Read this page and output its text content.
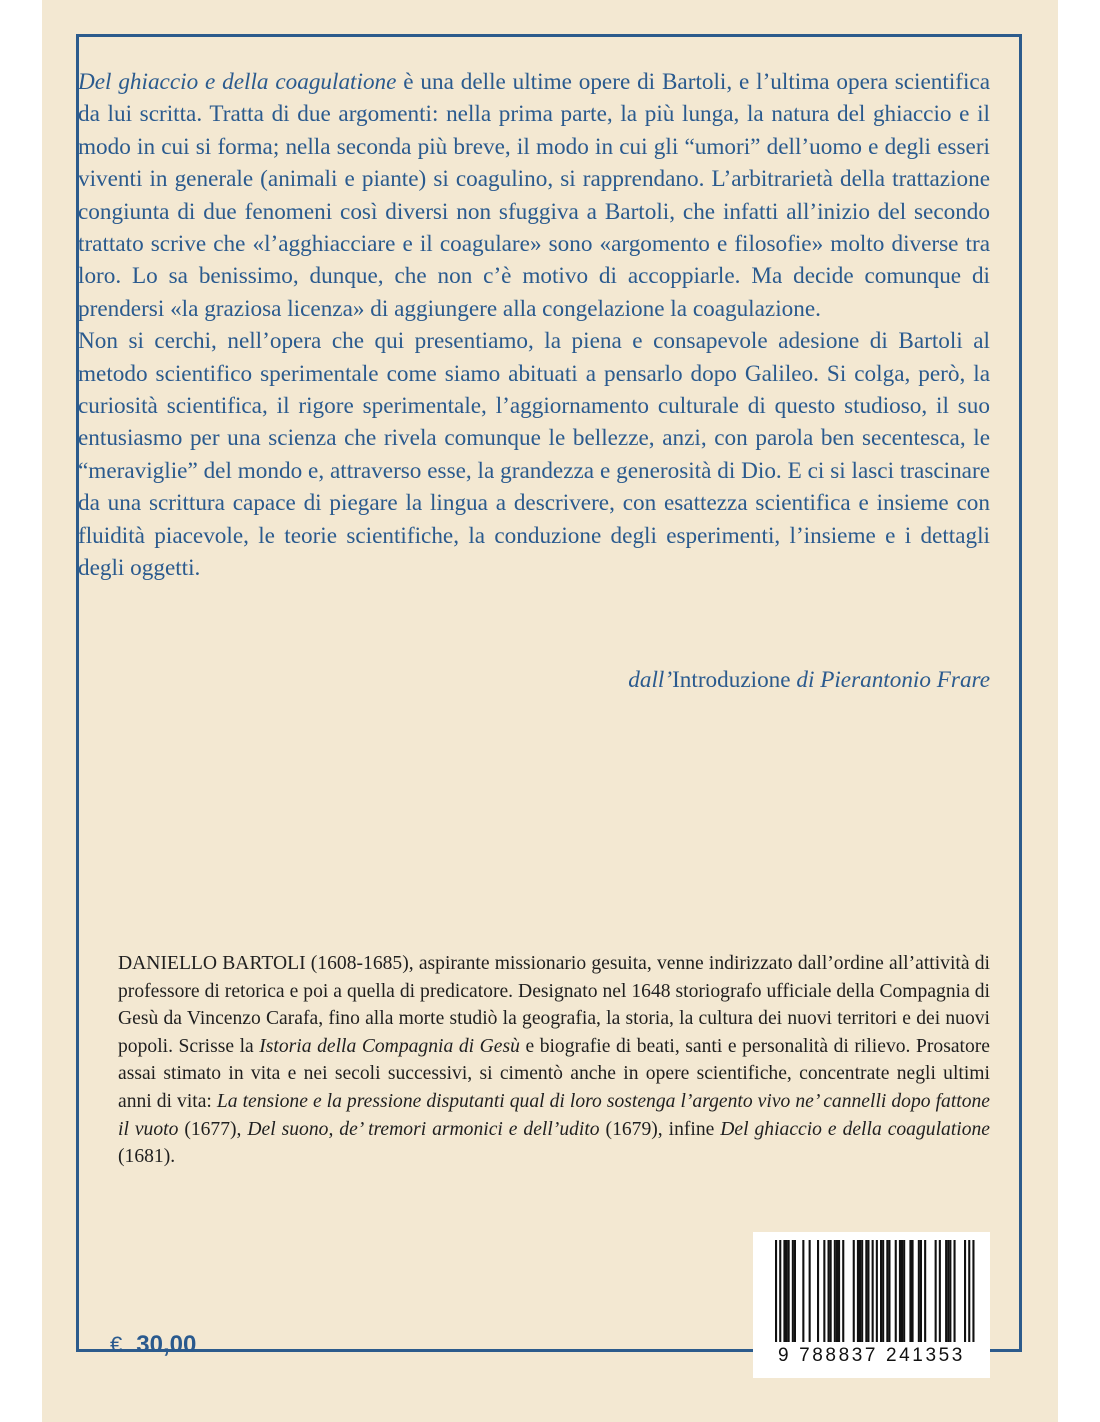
Del ghiaccio e della coagulatione è una delle ultime opere di Bartoli, e l’ultima opera scientifica da lui scritta. Tratta di due argomenti: nella prima parte, la più lunga, la natura del ghiaccio e il modo in cui si forma; nella seconda più breve, il modo in cui gli “umori” dell’uomo e degli esseri viventi in generale (animali e piante) si coagulino, si rapprendano. L’arbitrarietà della trattazione congiunta di due fenomeni così diversi non sfuggiva a Bartoli, che infatti all’inizio del secondo trattato scrive che «l’agghiacciare e il coagulare» sono «argomento e filosofie» molto diverse tra loro. Lo sa benissimo, dunque, che non c’è motivo di accoppiarle. Ma decide comunque di prendersi «la graziosa licenza» di aggiungere alla congelazione la coagulazione.

Non si cerchi, nell’opera che qui presentiamo, la piena e consapevole adesione di Bartoli al metodo scientifico sperimentale come siamo abituati a pensarlo dopo Galileo. Si colga, però, la curiosità scientifica, il rigore sperimentale, l’aggiornamento culturale di questo studioso, il suo entusiasmo per una scienza che rivela comunque le bellezze, anzi, con parola ben secentesca, le “meraviglie” del mondo e, attraverso esse, la grandezza e generosità di Dio. E ci si lasci trascinare da una scrittura capace di piegare la lingua a descrivere, con esattezza scientifica e insieme con fluidità piacevole, le teorie scientifiche, la conduzione degli esperimenti, l’insieme e i dettagli degli oggetti.

dall’Introduzione di Pierantonio Frare

DANIELLO BARTOLI (1608-1685), aspirante missionario gesuita, venne indirizzato dall’ordine all’attività di professore di retorica e poi a quella di predicatore. Designato nel 1648 storiografo ufficiale della Compagnia di Gesù da Vincenzo Carafa, fino alla morte studiò la geografia, la storia, la cultura dei nuovi territori e dei nuovi popoli. Scrisse la Istoria della Compagnia di Gesù e biografie di beati, santi e personalità di rilievo. Prosatore assai stimato in vita e nei secoli successivi, si cimentò anche in opere scientifiche, concentrate negli ultimi anni di vita: La tensione e la pressione disputanti qual di loro sostenga l’argento vivo ne’ cannelli dopo fattone il vuoto (1677), Del suono, de’ tremori armonici e dell’udito (1679), infine Del ghiaccio e della coagulatione (1681).

€ 30,00	9 788837 241353
